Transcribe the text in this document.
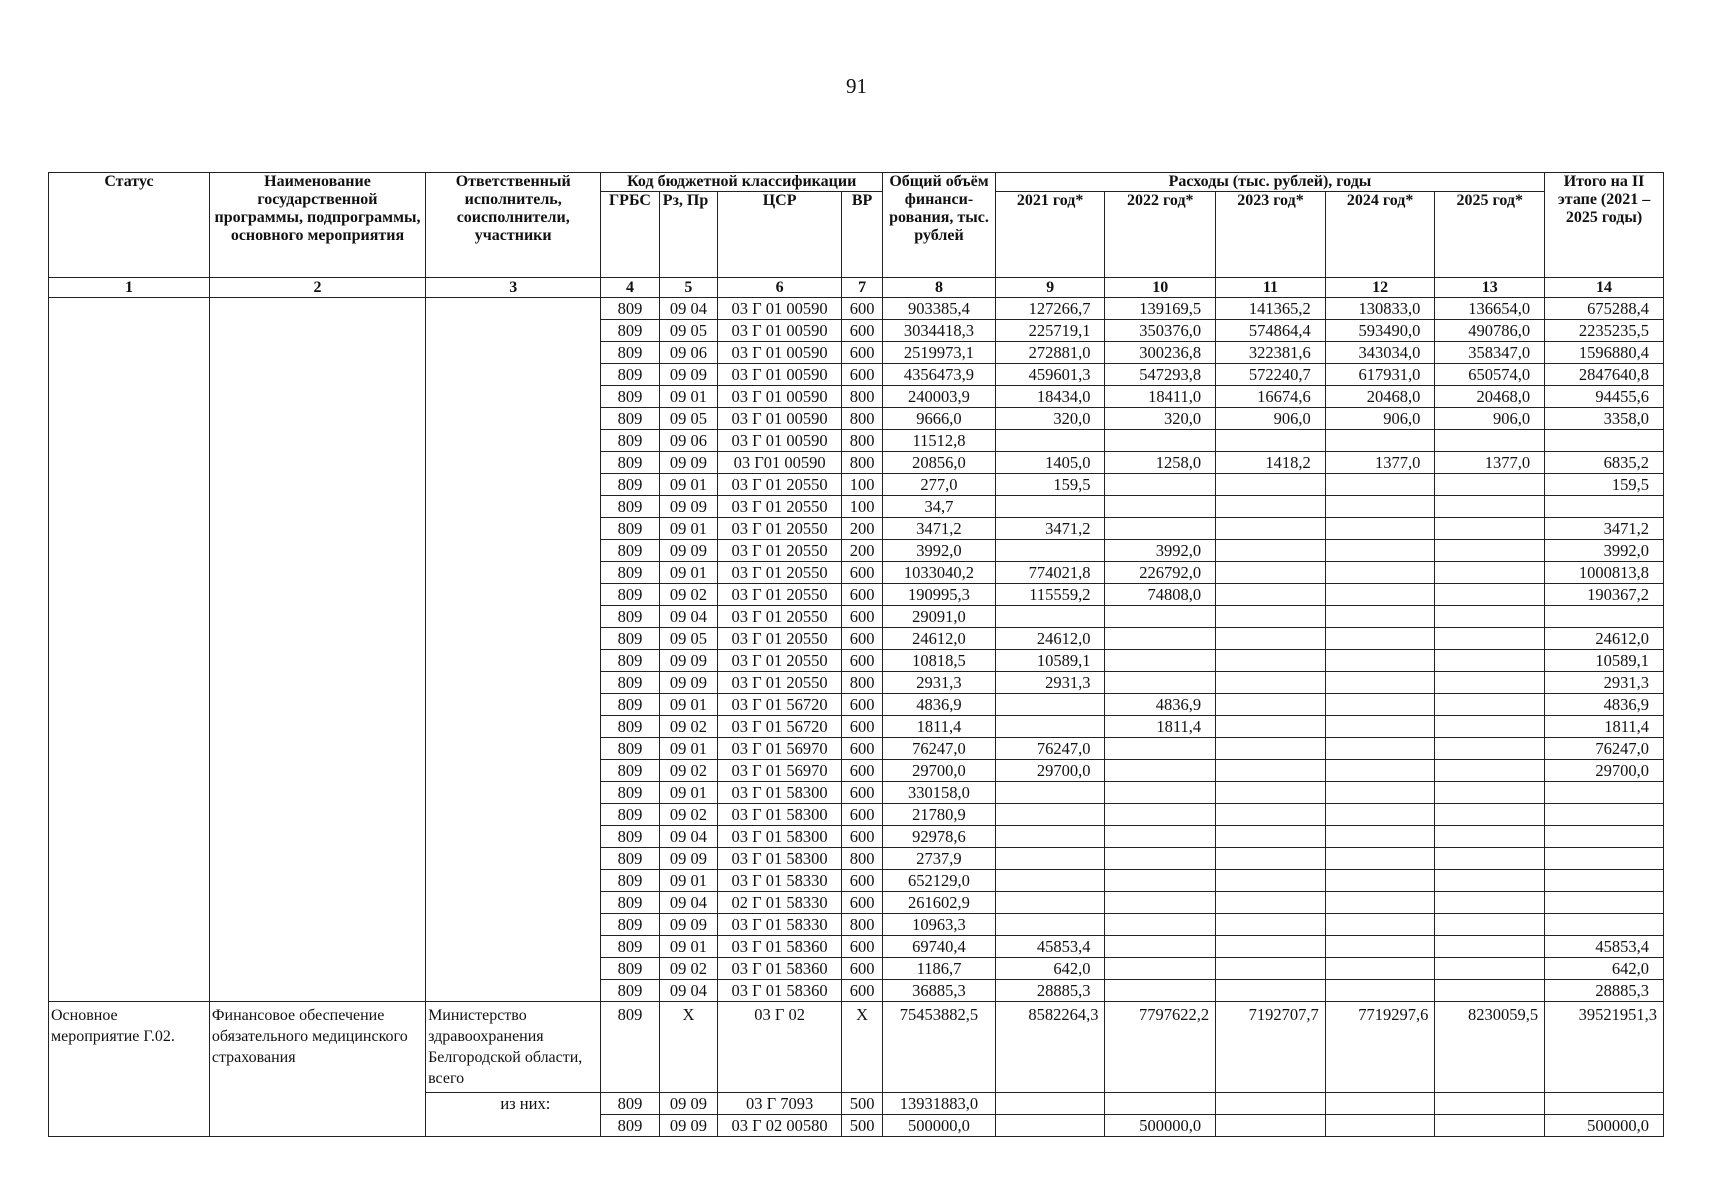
91
Статус	Наименование государственной программы, подпрограммы, основного мероприятия	Ответственный исполнитель, соисполнители, участники	Код бюджетной классификации				Общий объём финанси-рования, тыс. рублей	Расходы (тыс. рублей), годы					Итого на II этапе (2021 – 2025 годы)
			ГРБС	Рз, Пр	ЦСР	ВР		2021 год*	2022 год*	2023 год*	2024 год*	2025 год*	
1	2	3	4	5	6	7	8	9	10	11	12	13	14
			809	09 04	03 Г 01 00590	600	903385,4	127266,7	139169,5	141365,2	130833,0	136654,0	675288,4
			809	09 05	03 Г 01 00590	600	3034418,3	225719,1	350376,0	574864,4	593490,0	490786,0	2235235,5
			809	09 06	03 Г 01 00590	600	2519973,1	272881,0	300236,8	322381,6	343034,0	358347,0	1596880,4
			809	09 09	03 Г 01 00590	600	4356473,9	459601,3	547293,8	572240,7	617931,0	650574,0	2847640,8
			809	09 01	03 Г 01 00590	800	240003,9	18434,0	18411,0	16674,6	20468,0	20468,0	94455,6
			809	09 05	03 Г 01 00590	800	9666,0	320,0	320,0	906,0	906,0	906,0	3358,0
			809	09 06	03 Г 01 00590	800	11512,8						
			809	09 09	03 Г01 00590	800	20856,0	1405,0	1258,0	1418,2	1377,0	1377,0	6835,2
			809	09 01	03 Г 01 20550	100	277,0	159,5					159,5
			809	09 09	03 Г 01 20550	100	34,7						
			809	09 01	03 Г 01 20550	200	3471,2	3471,2					3471,2
			809	09 09	03 Г 01 20550	200	3992,0		3992,0				3992,0
			809	09 01	03 Г 01 20550	600	1033040,2	774021,8	226792,0				1000813,8
			809	09 02	03 Г 01 20550	600	190995,3	115559,2	74808,0				190367,2
			809	09 04	03 Г 01 20550	600	29091,0						
			809	09 05	03 Г 01 20550	600	24612,0	24612,0					24612,0
			809	09 09	03 Г 01 20550	600	10818,5	10589,1					10589,1
			809	09 09	03 Г 01 20550	800	2931,3	2931,3					2931,3
			809	09 01	03 Г 01 56720	600	4836,9		4836,9				4836,9
			809	09 02	03 Г 01 56720	600	1811,4		1811,4				1811,4
			809	09 01	03 Г 01 56970	600	76247,0	76247,0					76247,0
			809	09 02	03 Г 01 56970	600	29700,0	29700,0					29700,0
			809	09 01	03 Г 01 58300	600	330158,0						
			809	09 02	03 Г 01 58300	600	21780,9						
			809	09 04	03 Г 01 58300	600	92978,6						
			809	09 09	03 Г 01 58300	800	2737,9						
			809	09 01	03 Г 01 58330	600	652129,0						
			809	09 04	02 Г 01 58330	600	261602,9						
			809	09 09	03 Г 01 58330	800	10963,3						
			809	09 01	03 Г 01 58360	600	69740,4	45853,4					45853,4
			809	09 02	03 Г 01 58360	600	1186,7	642,0					642,0
			809	09 04	03 Г 01 58360	600	36885,3	28885,3					28885,3
Основное мероприятие Г.02.	Финансовое обеспечение обязательного медицинского страхования	Министерство здравоохранения Белгородской области, всего	809	Х	03 Г 02	Х	75453882,5	8582264,3	7797622,2	7192707,7	7719297,6	8230059,5	39521951,3
		из них:	809	09 09	03 Г 7093	500	13931883,0						
			809	09 09	03 Г 02 00580	500	500000,0		500000,0				500000,0
